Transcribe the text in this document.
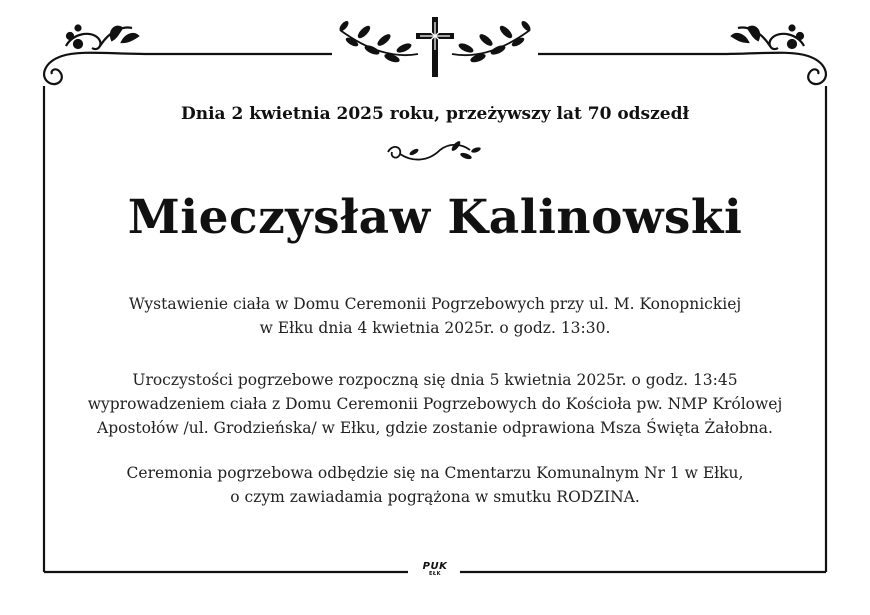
Dnia 2 kwietnia 2025 roku, przeżywszy lat 70 odszedł
Mieczysław Kalinowski
Wystawienie ciała w Domu Ceremonii Pogrzebowych przy ul. M. Konopnickiej
w Ełku dnia 4 kwietnia 2025r. o godz. 13:30.
Uroczystości pogrzebowe rozpoczną się dnia 5 kwietnia 2025r. o godz. 13:45
wyprowadzeniem ciała z Domu Ceremonii Pogrzebowych do Kościoła pw. NMP Królowej
Apostołów /ul. Grodzieńska/ w Ełku, gdzie zostanie odprawiona Msza Święta Żałobna.
Ceremonia pogrzebowa odbędzie się na Cmentarzu Komunalnym Nr 1 w Ełku,
o czym zawiadamia pogrążona w smutku RODZINA.
PUK
EŁK
